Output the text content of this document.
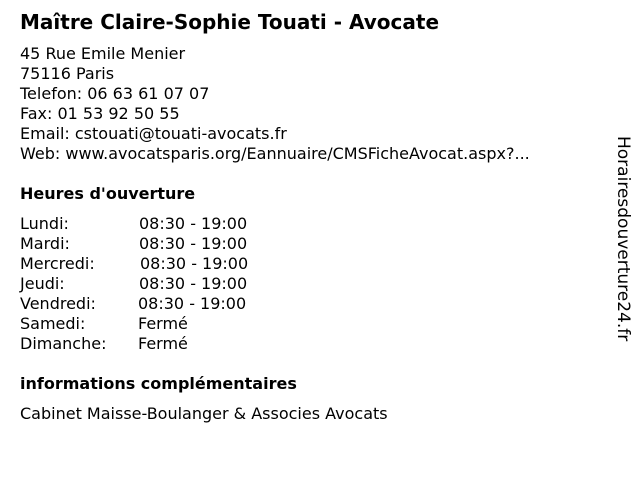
Maître Claire-Sophie Touati - Avocate
45 Rue Emile Menier
75116 Paris
Telefon: 06 63 61 07 07
Fax: 01 53 92 50 55
Email: cstouati@touati-avocats.fr
Web: www.avocatsparis.org/Eannuaire/CMSFicheAvocat.aspx?...
Heures d'ouverture
Lundi:	08:30 - 19:00
Mardi:	08:30 - 19:00
Mercredi:	08:30 - 19:00
Jeudi:	08:30 - 19:00
Vendredi:	08:30 - 19:00
Samedi:	Fermé
Dimanche: Fermé
informations complémentaires
Cabinet Maisse-Boulanger & Associes Avocats
Horairesdouverture24.fr
